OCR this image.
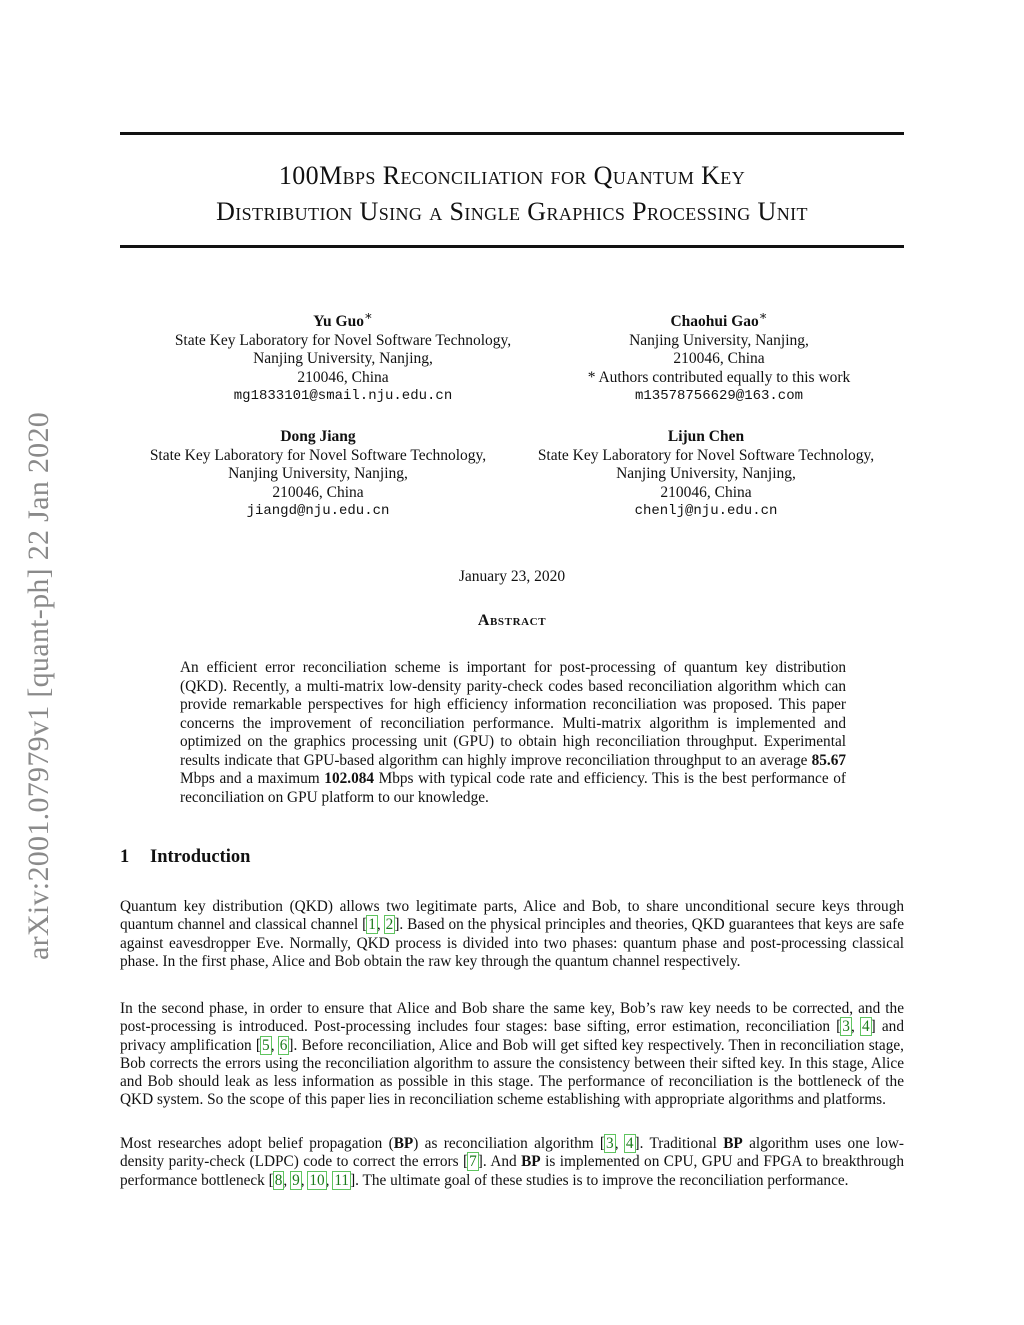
arXiv:2001.07979v1 [quant-ph] 22 Jan 2020
100Mbps Reconciliation for Quantum Key
Distribution Using a Single Graphics Processing Unit
Yu Guo∗
State Key Laboratory for Novel Software Technology,
Nanjing University, Nanjing,
210046, China
mg1833101@smail.nju.edu.cn
Chaohui Gao∗
Nanjing University, Nanjing,
210046, China
* Authors contributed equally to this work
m13578756629@163.com
Dong Jiang
State Key Laboratory for Novel Software Technology,
Nanjing University, Nanjing,
210046, China
jiangd@nju.edu.cn
Lijun Chen
State Key Laboratory for Novel Software Technology,
Nanjing University, Nanjing,
210046, China
chenlj@nju.edu.cn
January 23, 2020
Abstract

An efficient error reconciliation scheme is important for post-processing of quantum key distribution (QKD). Recently, a multi-matrix low-density parity-check codes based reconciliation algorithm which can provide remarkable perspectives for high efficiency information reconciliation was proposed. This paper concerns the improvement of reconciliation performance. Multi-matrix algorithm is implemented and optimized on the graphics processing unit (GPU) to obtain high reconciliation throughput. Experimental results indicate that GPU-based algorithm can highly improve reconciliation throughput to an average 85.67 Mbps and a maximum 102.084 Mbps with typical code rate and efficiency. This is the best performance of reconciliation on GPU platform to our knowledge.

1 Introduction

Quantum key distribution (QKD) allows two legitimate parts, Alice and Bob, to share unconditional secure keys through quantum channel and classical channel [1, 2]. Based on the physical principles and theories, QKD guarantees that keys are safe against eavesdropper Eve. Normally, QKD process is divided into two phases: quantum phase and post-processing classical phase. In the first phase, Alice and Bob obtain the raw key through the quantum channel respectively.

In the second phase, in order to ensure that Alice and Bob share the same key, Bob’s raw key needs to be corrected, and the post-processing is introduced. Post-processing includes four stages: base sifting, error estimation, reconciliation [3, 4] and privacy amplification [5, 6]. Before reconciliation, Alice and Bob will get sifted key respectively. Then in reconciliation stage, Bob corrects the errors using the reconciliation algorithm to assure the consistency between their sifted key. In this stage, Alice and Bob should leak as less information as possible in this stage. The performance of reconciliation is the bottleneck of the QKD system. So the scope of this paper lies in reconciliation scheme establishing with appropriate algorithms and platforms.

Most researches adopt belief propagation (BP) as reconciliation algorithm [3, 4]. Traditional BP algorithm uses one low-density parity-check (LDPC) code to correct the errors [7]. And BP is implemented on CPU, GPU and FPGA to breakthrough performance bottleneck [8, 9, 10, 11]. The ultimate goal of these studies is to improve the reconciliation performance.
